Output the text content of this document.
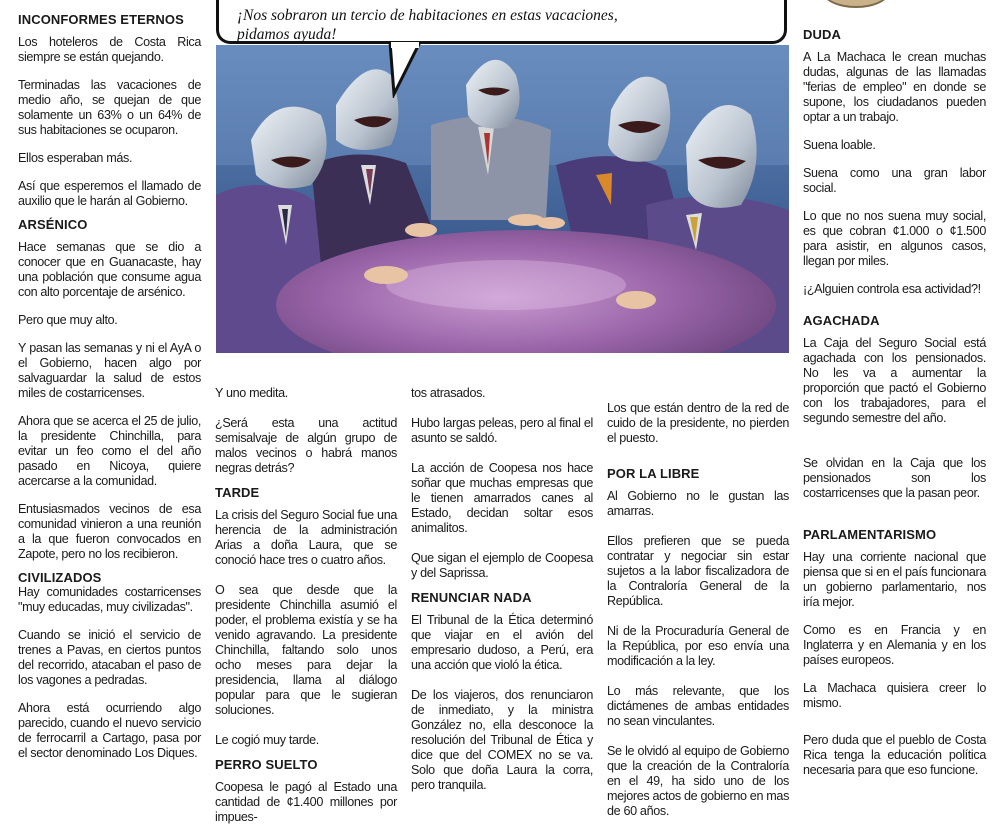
INCONFORMES ETERNOS

Los hoteleros de Costa Rica siempre se están quejando.

Terminadas las vacaciones de medio año, se quejan de que solamente un 63% o un 64% de sus habitaciones se ocuparon.

Ellos esperaban más.

Así que esperemos el llamado de auxilio que le harán al Gobierno.

ARSÉNICO

Hace semanas que se dio a conocer que en Guanacaste, hay una población que consume agua con alto porcentaje de arsénico.

Pero que muy alto.

Y pasan las semanas y ni el AyA o el Gobierno, hacen algo por salvaguardar la salud de estos miles de costarricenses.

Ahora que se acerca el 25 de julio, la presidente Chinchilla, para evitar un feo como el del año pasado en Nicoya, quiere acercarse a la comunidad.

Entusiasmados vecinos de esa comunidad vinieron a una reunión a la que fueron convocados en Zapote, pero no los recibieron.

CIVILIZADOS

Hay comunidades costarricenses "muy educadas, muy civilizadas".

Cuando se inició el servicio de trenes a Pavas, en ciertos puntos del recorrido, atacaban el paso de los vagones a pedradas.

Ahora está ocurriendo algo parecido, cuando el nuevo servicio de ferrocarril a Cartago, pasa por el sector denominado Los Diques.

¡Nos sobraron un tercio de habitaciones en estas vacaciones,
pidamos ayuda!

Y uno medita.

¿Será esta una actitud semisalvaje de algún grupo de malos vecinos o habrá manos negras detrás?

TARDE

La crisis del Seguro Social fue una herencia de la administración Arias a doña Laura, que se conoció hace tres o cuatro años.

O sea que desde que la presidente Chinchilla asumió el poder, el problema existía y se ha venido agravando. La presidente Chinchilla, faltando solo unos ocho meses para dejar la presidencia, llama al diálogo popular para que le sugieran soluciones.

Le cogió muy tarde.

PERRO SUELTO

Coopesa le pagó al Estado una cantidad de ¢1.400 millones por impues-

tos atrasados.

Hubo largas peleas, pero al final el asunto se saldó.

La acción de Coopesa nos hace soñar que muchas empresas que le tienen amarrados canes al Estado, decidan soltar esos animalitos.

Que sigan el ejemplo de Coopesa y del Saprissa.

RENUNCIAR NADA

El Tribunal de la Ética determinó que viajar en el avión del empresario dudoso, a Perú, era una acción que violó la ética.

De los viajeros, dos renunciaron de inmediato, y la ministra González no, ella desconoce la resolución del Tribunal de Ética y dice que del COMEX no se va. Solo que doña Laura la corra, pero tranquila.

Los que están dentro de la red de cuido de la presidente, no pierden el puesto.

POR LA LIBRE

Al Gobierno no le gustan las amarras.

Ellos prefieren que se pueda contratar y negociar sin estar sujetos a la labor fiscalizadora de la Contraloría General de la República.

Ni de la Procuraduría General de la República, por eso envía una modificación a la ley.

Lo más relevante, que los dictámenes de ambas entidades no sean vinculantes.

Se le olvidó al equipo de Gobierno que la creación de la Contraloría en el 49, ha sido uno de los mejores actos de gobierno en mas de 60 años.

DUDA

A La Machaca le crean muchas dudas, algunas de las llamadas "ferias de empleo" en donde se supone, los ciudadanos pueden optar a un trabajo.

Suena loable.

Suena como una gran labor social.

Lo que no nos suena muy social, es que cobran ¢1.000 o ¢1.500 para asistir, en algunos casos, llegan por miles.

¡¿Alguien controla esa actividad?!

AGACHADA

La Caja del Seguro Social está agachada con los pensionados. No les va a aumentar la proporción que pactó el Gobierno con los trabajadores, para el segundo semestre del año.

Se olvidan en la Caja que los pensionados son los costarricenses que la pasan peor.

PARLAMENTARISMO

Hay una corriente nacional que piensa que si en el país funcionara un gobierno parlamentario, nos iría mejor.

Como es en Francia y en Inglaterra y en Alemania y en los países europeos.

La Machaca quisiera creer lo mismo.

Pero duda que el pueblo de Costa Rica tenga la educación política necesaria para que eso funcione.
